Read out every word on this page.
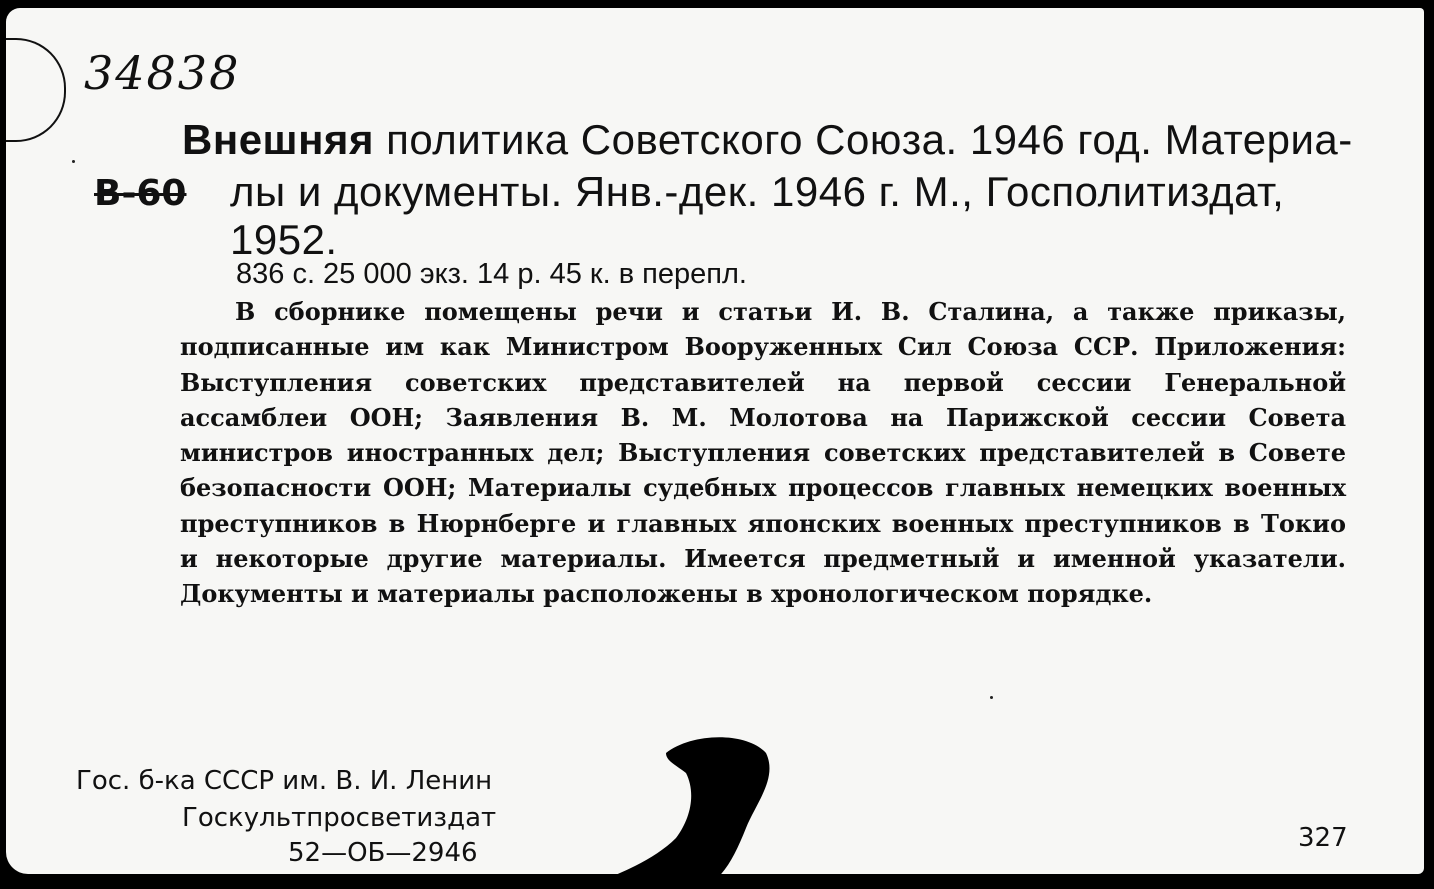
34838
В-60
Внешняя политика Советского Союза. 1946 год. Материа-
лы и документы. Янв.-дек. 1946 г. М., Госполитиздат,
1952.
836 с. 25 000 экз. 14 р. 45 к. в перепл.
В сборнике помещены речи и статьи И. В. Сталина, а также приказы, подписанные им как Министром Вооруженных Сил Союза ССР. Приложения: Выступления советских представителей на первой сессии Генеральной ассамблеи ООН; Заявления В. М. Молотова на Парижской сессии Совета министров иностранных дел; Выступления советских представителей в Совете безопасности ООН; Материалы судебных процессов главных немецких военных преступников в Нюрнберге и главных японских военных преступников в Токио и некоторые другие материалы. Имеется предметный и именной указатели. Документы и материалы расположены в хронологическом порядке.
Гос. б-ка СССР им. В. И. Ленин
Госкультпросветиздат
52—ОБ—2946	327
